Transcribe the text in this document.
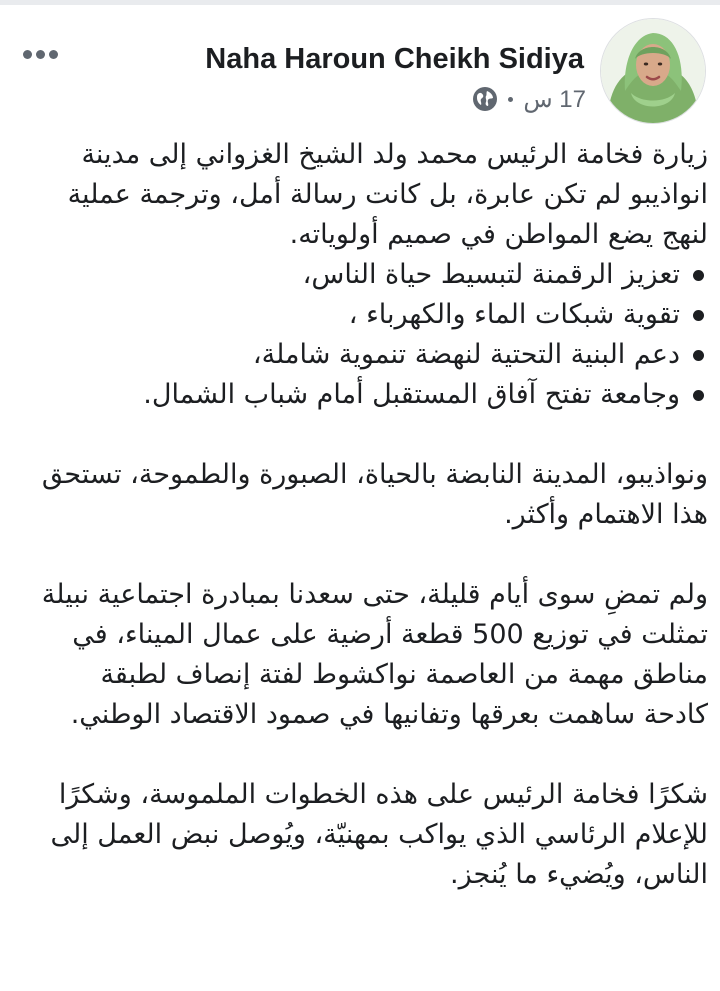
Naha Haroun Cheikh Sidiya
17 س

زيارة فخامة الرئيس محمد ولد الشيخ الغزواني إلى مدينة انواذيبو لم تكن عابرة، بل كانت رسالة أمل، وترجمة عملية لنهج يضع المواطن في صميم أولوياته.

تعزيز الرقمنة لتبسيط حياة الناس،
تقوية شبكات الماء والكهرباء ،
دعم البنية التحتية لنهضة تنموية شاملة،
وجامعة تفتح آفاق المستقبل أمام شباب الشمال.

ونواذيبو، المدينة النابضة بالحياة، الصبورة والطموحة، تستحق هذا الاهتمام وأكثر.

ولم تمضِ سوى أيام قليلة، حتى سعدنا بمبادرة اجتماعية نبيلة تمثلت في توزيع 500 قطعة أرضية على عمال الميناء، في مناطق مهمة من العاصمة نواكشوط لفتة إنصاف لطبقة كادحة ساهمت بعرقها وتفانيها في صمود الاقتصاد الوطني.

شكرًا فخامة الرئيس على هذه الخطوات الملموسة، وشكرًا للإعلام الرئاسي الذي يواكب بمهنيّة، ويُوصل نبض العمل إلى الناس، ويُضيء ما يُنجز.
